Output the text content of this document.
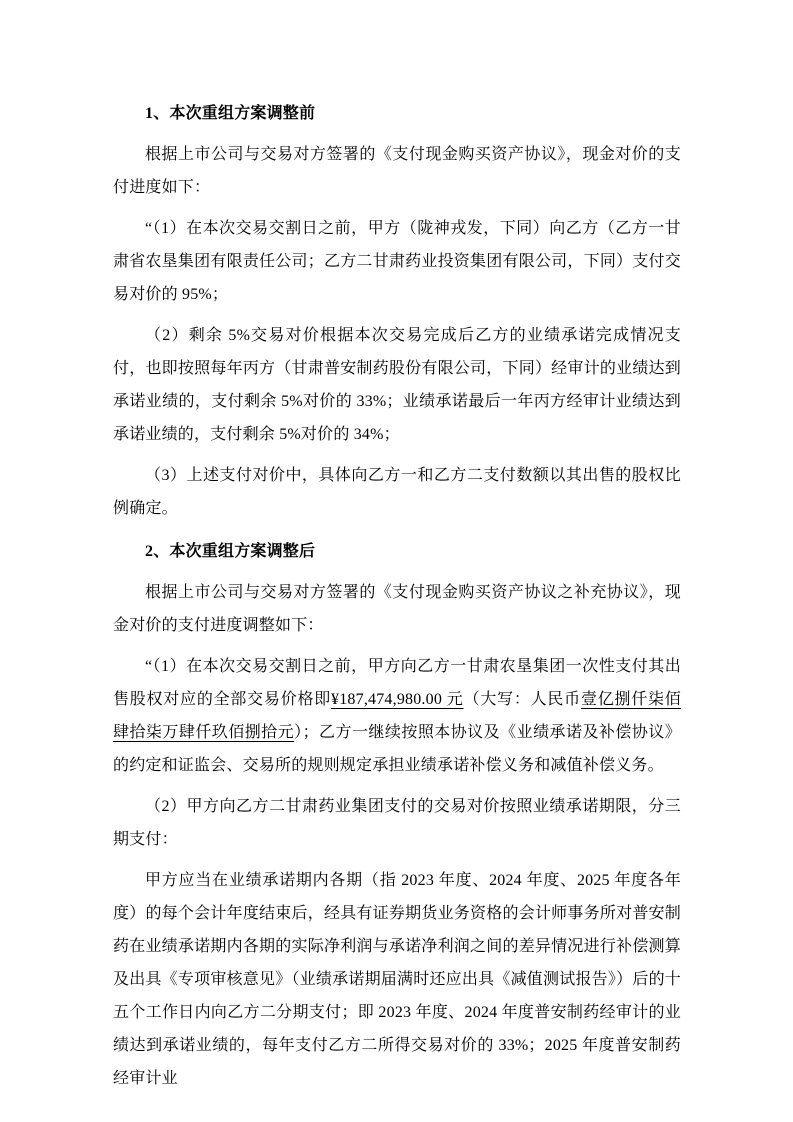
1、本次重组方案调整前

根据上市公司与交易对方签署的《支付现金购买资产协议》，现金对价的支付进度如下：

“（1）在本次交易交割日之前，甲方（陇神戎发，下同）向乙方（乙方一甘肃省农垦集团有限责任公司；乙方二甘肃药业投资集团有限公司，下同）支付交易对价的 95%；

（2）剩余 5%交易对价根据本次交易完成后乙方的业绩承诺完成情况支付，也即按照每年丙方（甘肃普安制药股份有限公司，下同）经审计的业绩达到承诺业绩的，支付剩余 5%对价的 33%；业绩承诺最后一年丙方经审计业绩达到承诺业绩的，支付剩余 5%对价的 34%；

（3）上述支付对价中，具体向乙方一和乙方二支付数额以其出售的股权比例确定。

2、本次重组方案调整后

根据上市公司与交易对方签署的《支付现金购买资产协议之补充协议》，现金对价的支付进度调整如下：

“（1）在本次交易交割日之前，甲方向乙方一甘肃农垦集团一次性支付其出售股权对应的全部交易价格即¥187,474,980.00 元（大写：人民币壹亿捌仟柒佰肆拾柒万肆仟玖佰捌拾元）；乙方一继续按照本协议及《业绩承诺及补偿协议》的约定和证监会、交易所的规则规定承担业绩承诺补偿义务和减值补偿义务。

（2）甲方向乙方二甘肃药业集团支付的交易对价按照业绩承诺期限，分三期支付：

甲方应当在业绩承诺期内各期（指 2023 年度、2024 年度、2025 年度各年度）的每个会计年度结束后，经具有证券期货业务资格的会计师事务所对普安制药在业绩承诺期内各期的实际净利润与承诺净利润之间的差异情况进行补偿测算及出具《专项审核意见》（业绩承诺期届满时还应出具《减值测试报告》）后的十五个工作日内向乙方二分期支付；即 2023 年度、2024 年度普安制药经审计的业绩达到承诺业绩的，每年支付乙方二所得交易对价的 33%；2025 年度普安制药经审计业
